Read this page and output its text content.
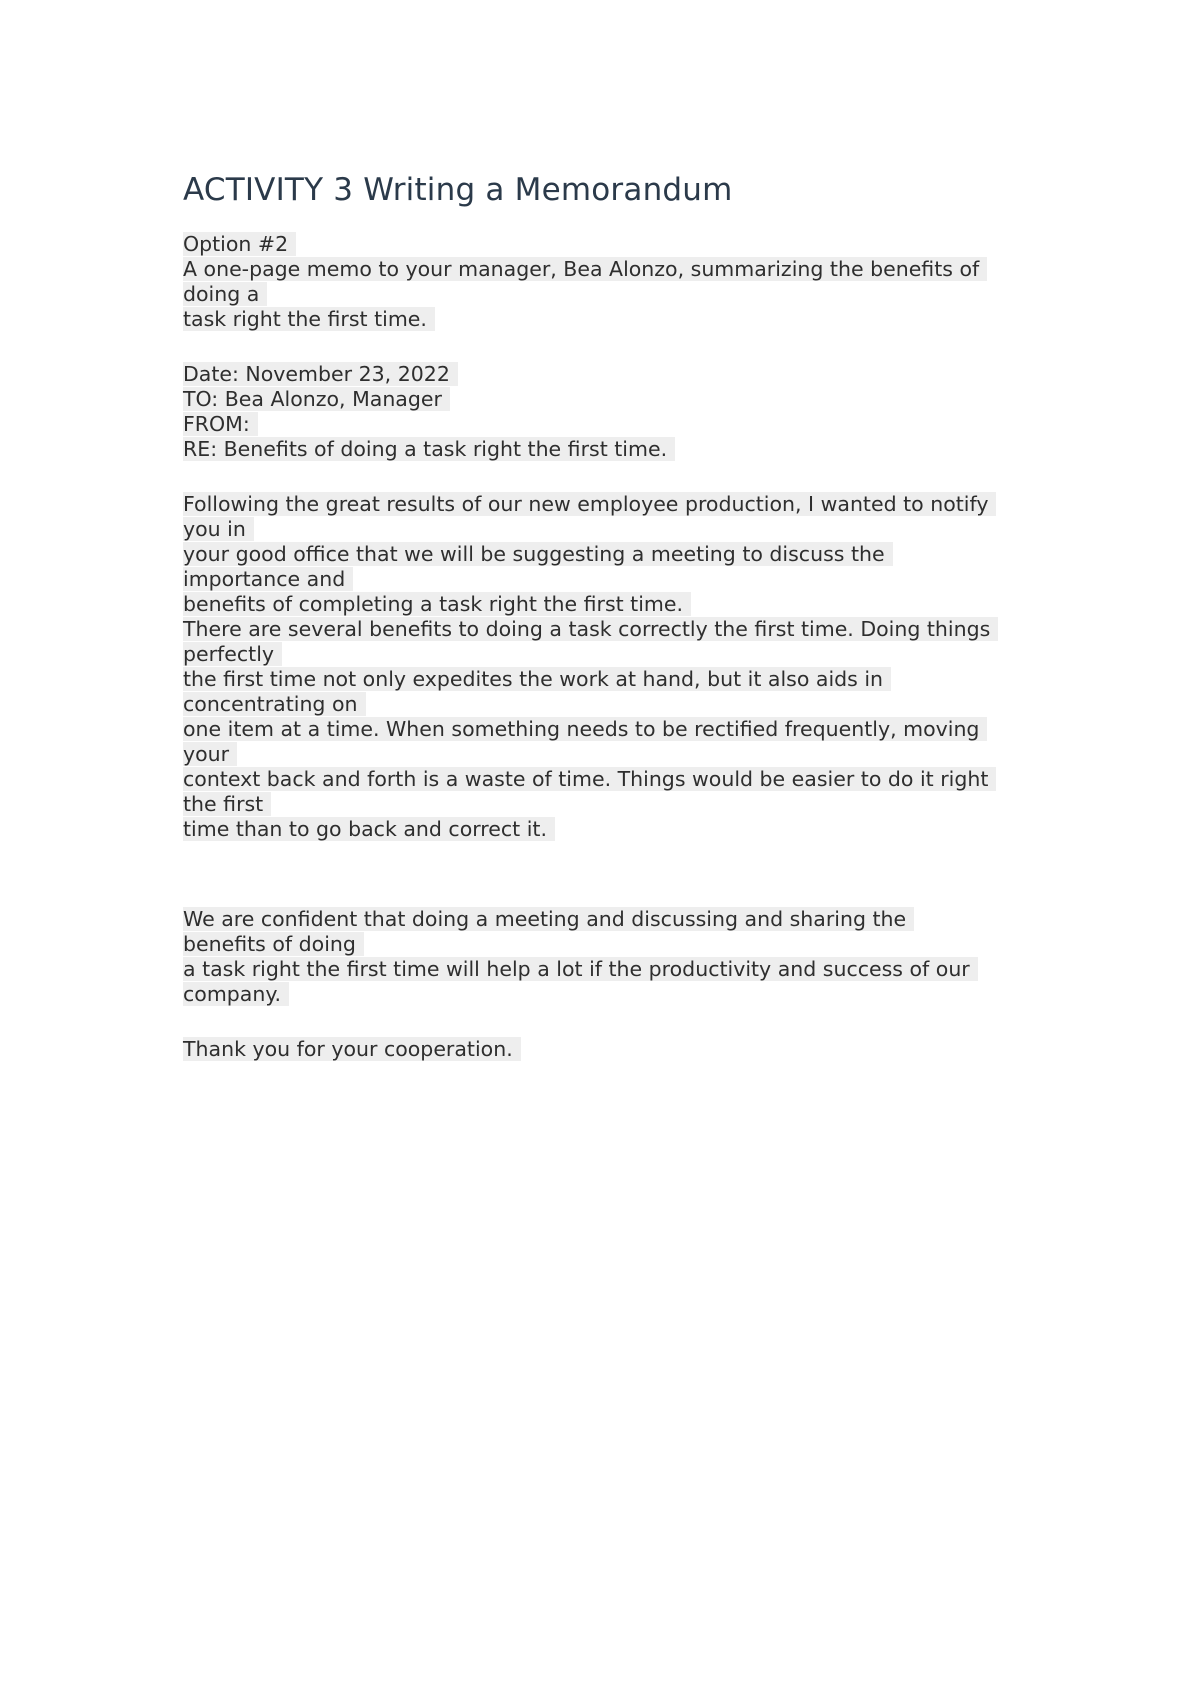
ACTIVITY 3 Writing a Memorandum
Option #2
A one-page memo to your manager, Bea Alonzo, summarizing the benefits of
doing a
task right the first time.
Date: November 23, 2022
TO: Bea Alonzo, Manager
FROM:
RE: Benefits of doing a task right the first time.
Following the great results of our new employee production, I wanted to notify
you in
your good office that we will be suggesting a meeting to discuss the
importance and
benefits of completing a task right the first time.
There are several benefits to doing a task correctly the first time. Doing things
perfectly
the first time not only expedites the work at hand, but it also aids in
concentrating on
one item at a time. When something needs to be rectified frequently, moving
your
context back and forth is a waste of time. Things would be easier to do it right
the first
time than to go back and correct it.
We are confident that doing a meeting and discussing and sharing the
benefits of doing
a task right the first time will help a lot if the productivity and success of our
company.
Thank you for your cooperation.
